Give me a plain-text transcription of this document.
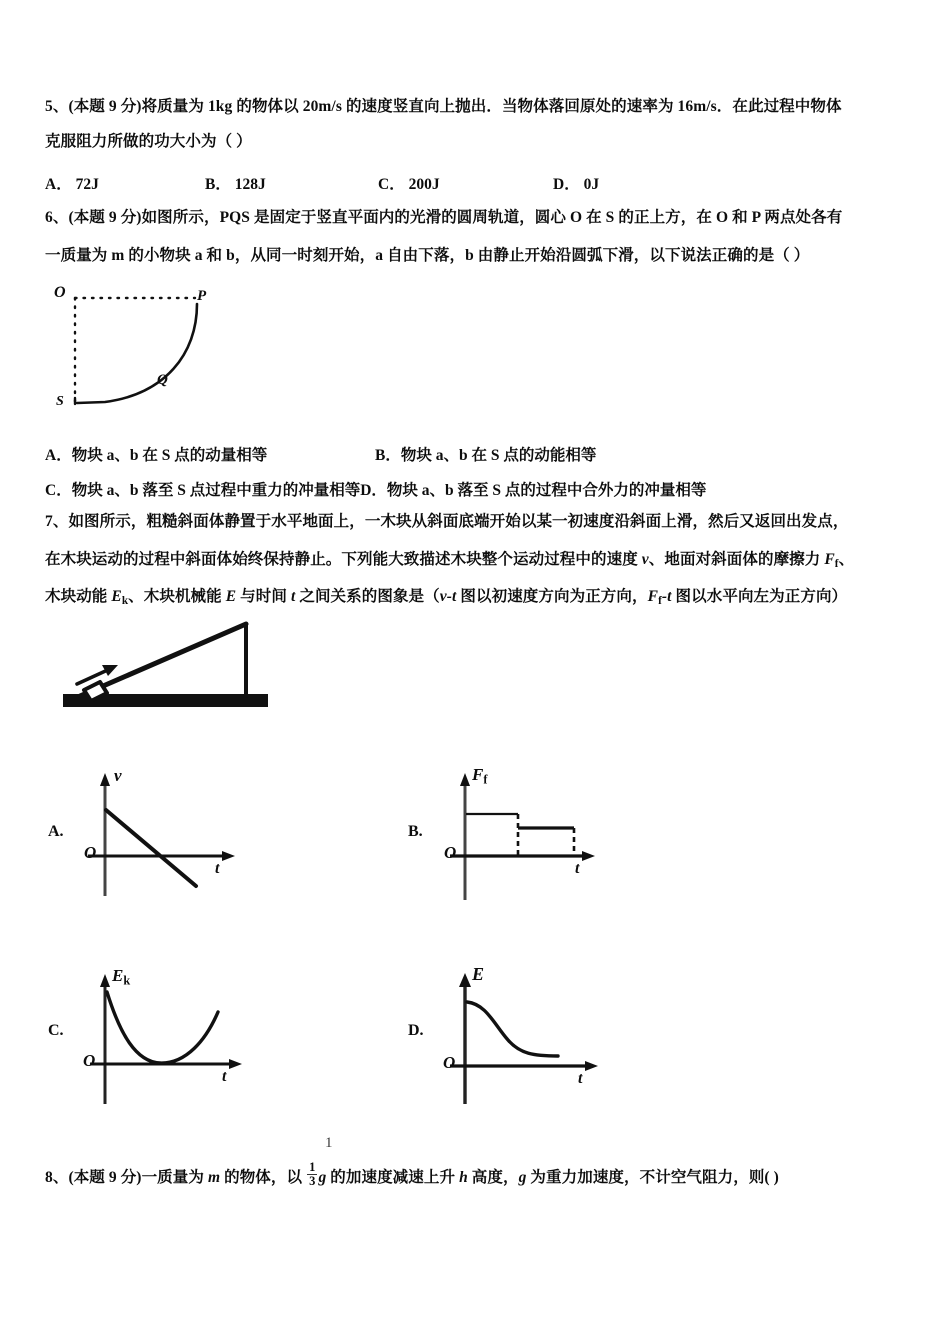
5、(本题 9 分)将质量为 1kg 的物体以 20m/s 的速度竖直向上抛出．当物体落回原处的速率为 16m/s．在此过程中物体
克服阻力所做的功大小为（ ）
A． 72J	B． 128J	C． 200J	D． 0J
6、(本题 9 分)如图所示，PQS 是固定于竖直平面内的光滑的圆周轨道，圆心 O 在 S 的正上方，在 O 和 P 两点处各有
一质量为 m 的小物块 a 和 b，从同一时刻开始，a 自由下落，b 由静止开始沿圆弧下滑，以下说法正确的是（ ）
O	P
Q
S
A．物块 a、b 在 S 点的动量相等	B．物块 a、b 在 S 点的动能相等
C．物块 a、b 落至 S 点过程中重力的冲量相等D．物块 a、b 落至 S 点的过程中合外力的冲量相等
7、如图所示，粗糙斜面体静置于水平地面上，一木块从斜面底端开始以某一初速度沿斜面上滑，然后又返回出发点，
在木块运动的过程中斜面体始终保持静止。下列能大致描述木块整个运动过程中的速度 v、地面对斜面体的摩擦力 $F_f$、
木块动能 $E_k$、木块机械能 E 与时间 t 之间关系的图象是（v-t 图以初速度方向为正方向，$F_f-t$ 图以水平向左为正方向）
A.
v
t
O
B.
$F_f$
t
O
C.
$E_k$
t
O
D.
E
t
O
1
8、(本题 9 分)一质量为 m 的物体，以 $\frac{1}{3}$ g 的加速度减速上升 h 高度，g 为重力加速度，不计空气阻力，则( )
